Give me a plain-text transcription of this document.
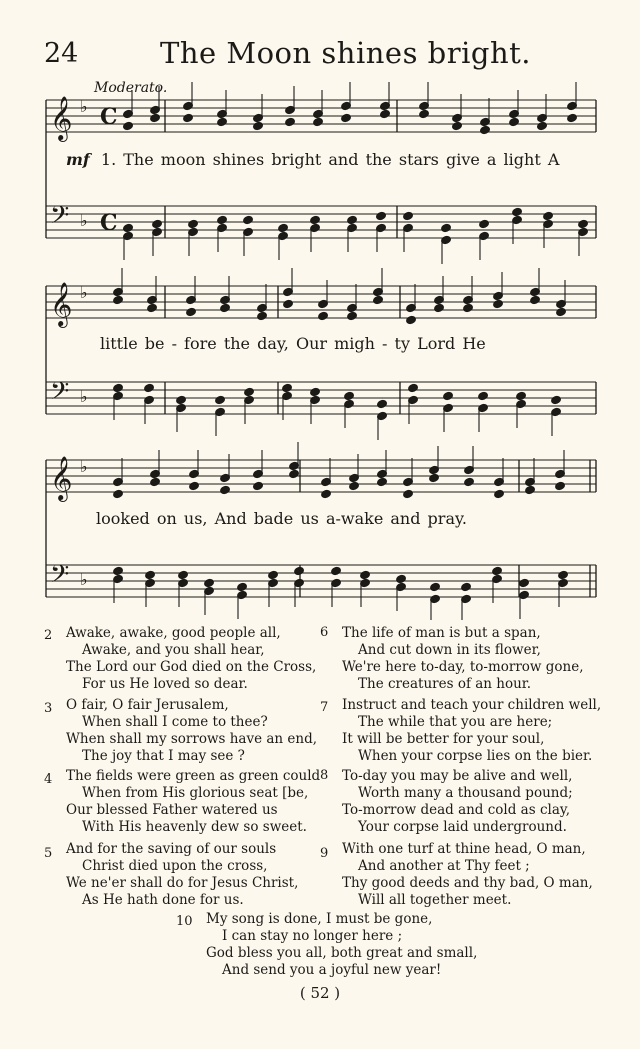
24	The Moon shines bright.
Moderato.
𝄞 ♭
𝄢 ♭
𝄞 ♭
𝄢 ♭
𝄞 ♭
𝄢 ♭
C
C
mf 1. The moon shines bright and the stars give a light A
little be - fore the day, Our migh - ty Lord He
looked on us, And bade us a-wake and pray.
2 Awake, awake, good people all,
Awake, and you shall hear,
The Lord our God died on the Cross,
For us He loved so dear.
3 O fair, O fair Jerusalem,
When shall I come to thee?
When shall my sorrows have an end,
The joy that I may see ?
4 The fields were green as green could
When from His glorious seat [be,
Our blessed Father watered us
With His heavenly dew so sweet.
5 And for the saving of our souls
Christ died upon the cross,
We ne'er shall do for Jesus Christ,
As He hath done for us.
6 The life of man is but a span,
And cut down in its flower,
We're here to-day, to-morrow gone,
The creatures of an hour.
7 Instruct and teach your children well,
The while that you are here;
It will be better for your soul,
When your corpse lies on the bier.
8 To-day you may be alive and well,
Worth many a thousand pound;
To-morrow dead and cold as clay,
Your corpse laid underground.
9 With one turf at thine head, O man,
And another at Thy feet ;
Thy good deeds and thy bad, O man,
Will all together meet.
10 My song is done, I must be gone,
I can stay no longer here ;
God bless you all, both great and small,
And send you a joyful new year!
( 52 )
